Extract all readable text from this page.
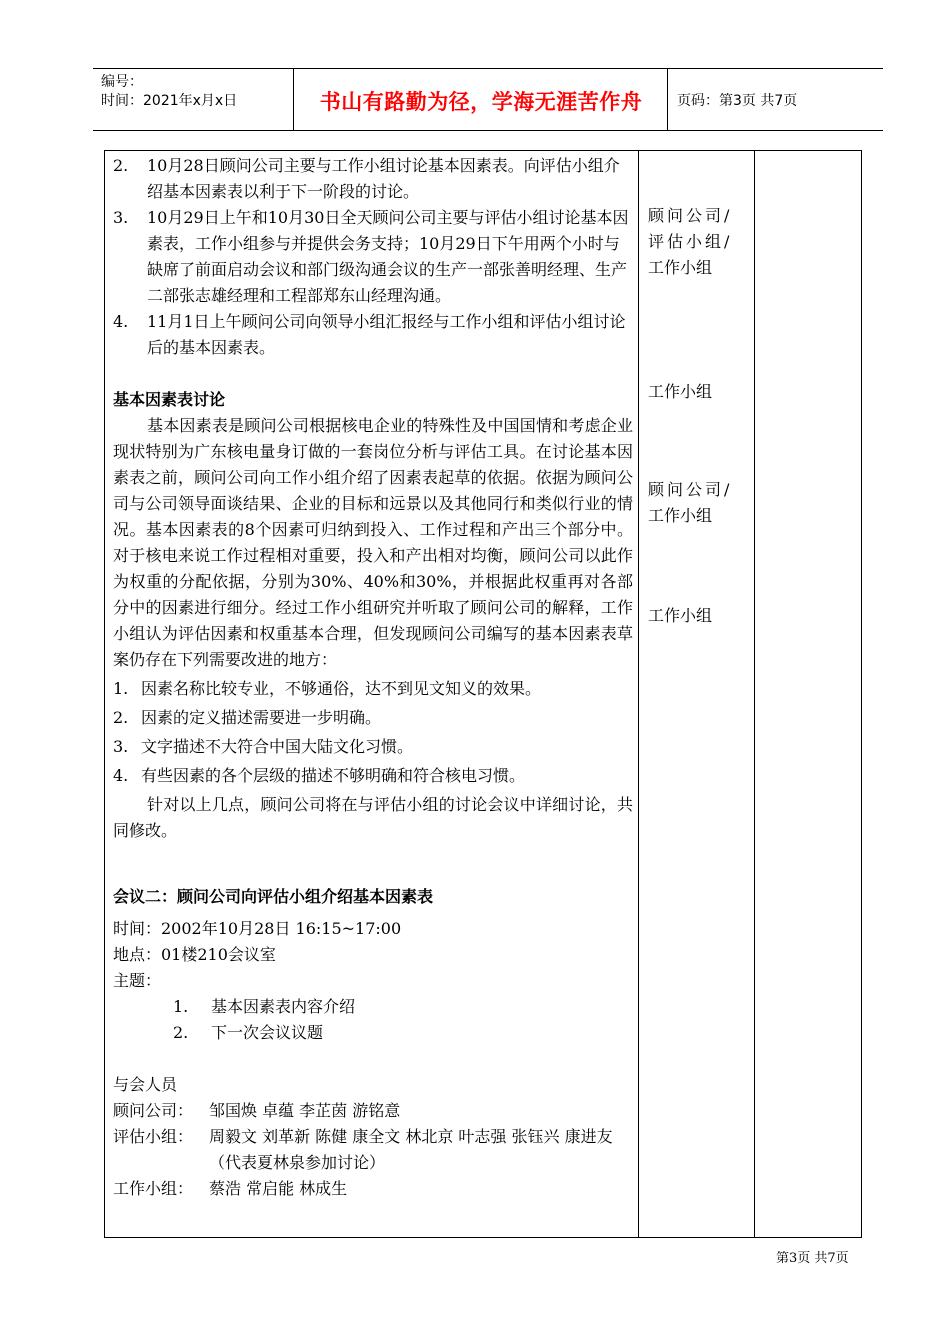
编号：
时间：2021年x月x日	书山有路勤为径，学海无涯苦作舟	页码：第3页 共7页
2. 10月28日顾问公司主要与工作小组讨论基本因素表。向评估小组介绍基本因素表以利于下一阶段的讨论。
3. 10月29日上午和10月30日全天顾问公司主要与评估小组讨论基本因素表，工作小组参与并提供会务支持；10月29日下午用两个小时与缺席了前面启动会议和部门级沟通会议的生产一部张善明经理、生产二部张志雄经理和工程部郑东山经理沟通。
4. 11月1日上午顾问公司向领导小组汇报经与工作小组和评估小组讨论后的基本因素表。
基本因素表讨论
基本因素表是顾问公司根据核电企业的特殊性及中国国情和考虑企业现状特别为广东核电量身订做的一套岗位分析与评估工具。在讨论基本因素表之前，顾问公司向工作小组介绍了因素表起草的依据。依据为顾问公司与公司领导面谈结果、企业的目标和远景以及其他同行和类似行业的情况。基本因素表的8个因素可归纳到投入、工作过程和产出三个部分中。对于核电来说工作过程相对重要，投入和产出相对均衡，顾问公司以此作为权重的分配依据，分别为30%、40%和30%，并根据此权重再对各部分中的因素进行细分。经过工作小组研究并听取了顾问公司的解释，工作小组认为评估因素和权重基本合理，但发现顾问公司编写的基本因素表草案仍存在下列需要改进的地方：
1. 因素名称比较专业，不够通俗，达不到见文知义的效果。
2. 因素的定义描述需要进一步明确。
3. 文字描述不大符合中国大陆文化习惯。
4. 有些因素的各个层级的描述不够明确和符合核电习惯。
针对以上几点，顾问公司将在与评估小组的讨论会议中详细讨论，共同修改。
会议二：顾问公司向评估小组介绍基本因素表
时间：2002年10月28日 16:15~17:00
地点：01楼210会议室
主题：
1. 基本因素表内容介绍
2. 下一次会议议题
与会人员
顾问公司： 邹国焕 卓蕴 李芷茵 游铭意
评估小组： 周毅文 刘革新 陈健 康全文 林北京 叶志强 张钰兴 康进友（代表夏林泉参加讨论）
工作小组： 蔡浩 常启能 林成生
顾问公司/
评估小组/
工作小组
工作小组
顾问公司/
工作小组
工作小组
第3页 共7页
